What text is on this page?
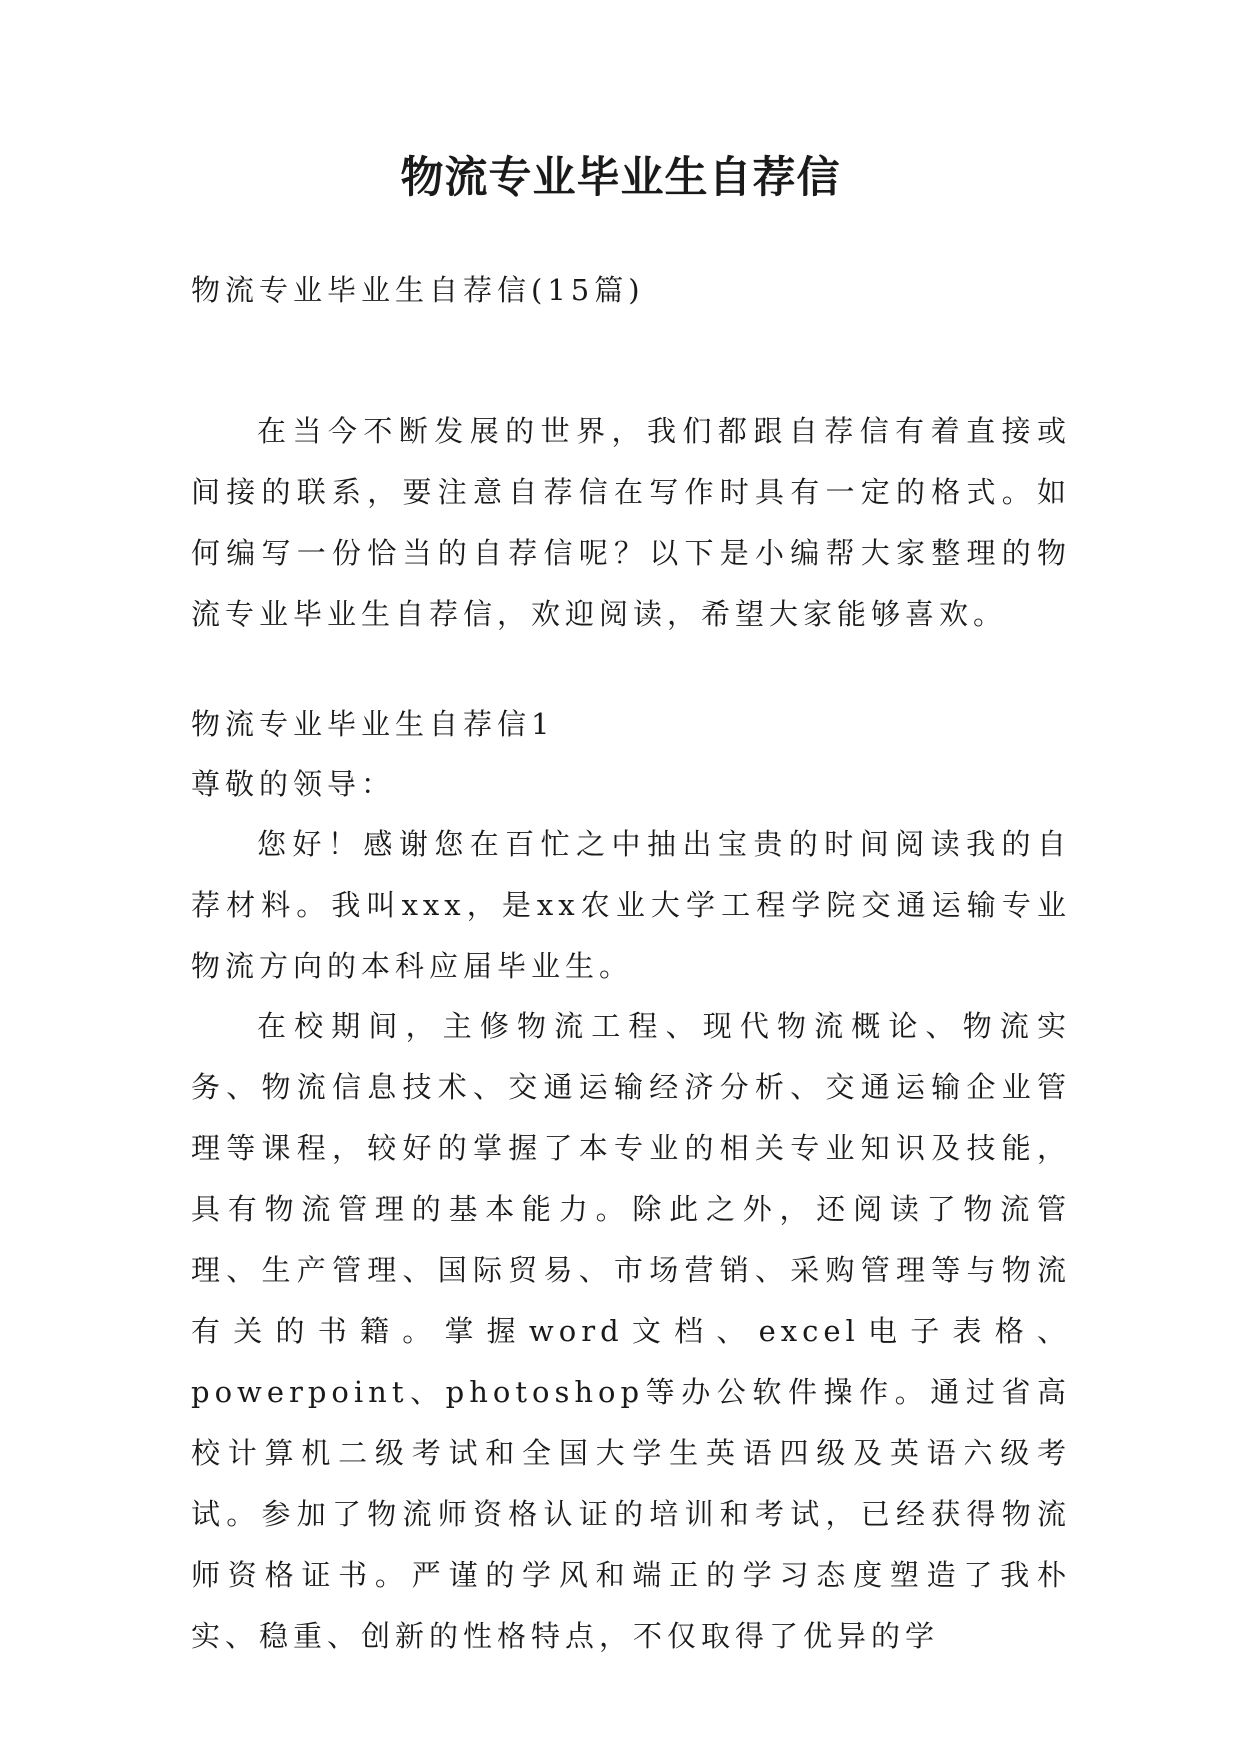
物流专业毕业生自荐信

物流专业毕业生自荐信(15篇)

在当今不断发展的世界，我们都跟自荐信有着直接或间接的联系，要注意自荐信在写作时具有一定的格式。如何编写一份恰当的自荐信呢？以下是小编帮大家整理的物流专业毕业生自荐信，欢迎阅读，希望大家能够喜欢。

物流专业毕业生自荐信1

尊敬的领导：

您好！感谢您在百忙之中抽出宝贵的时间阅读我的自荐材料。我叫xxx，是xx农业大学工程学院交通运输专业物流方向的本科应届毕业生。

在校期间，主修物流工程、现代物流概论、物流实务、物流信息技术、交通运输经济分析、交通运输企业管理等课程，较好的掌握了本专业的相关专业知识及技能，具有物流管理的基本能力。除此之外，还阅读了物流管理、生产管理、国际贸易、市场营销、采购管理等与物流有关的书籍。掌握word文档、excel电子表格、powerpoint、photoshop等办公软件操作。通过省高校计算机二级考试和全国大学生英语四级及英语六级考试。参加了物流师资格认证的培训和考试，已经获得物流师资格证书。严谨的学风和端正的学习态度塑造了我朴实、稳重、创新的性格特点，不仅取得了优异的学
